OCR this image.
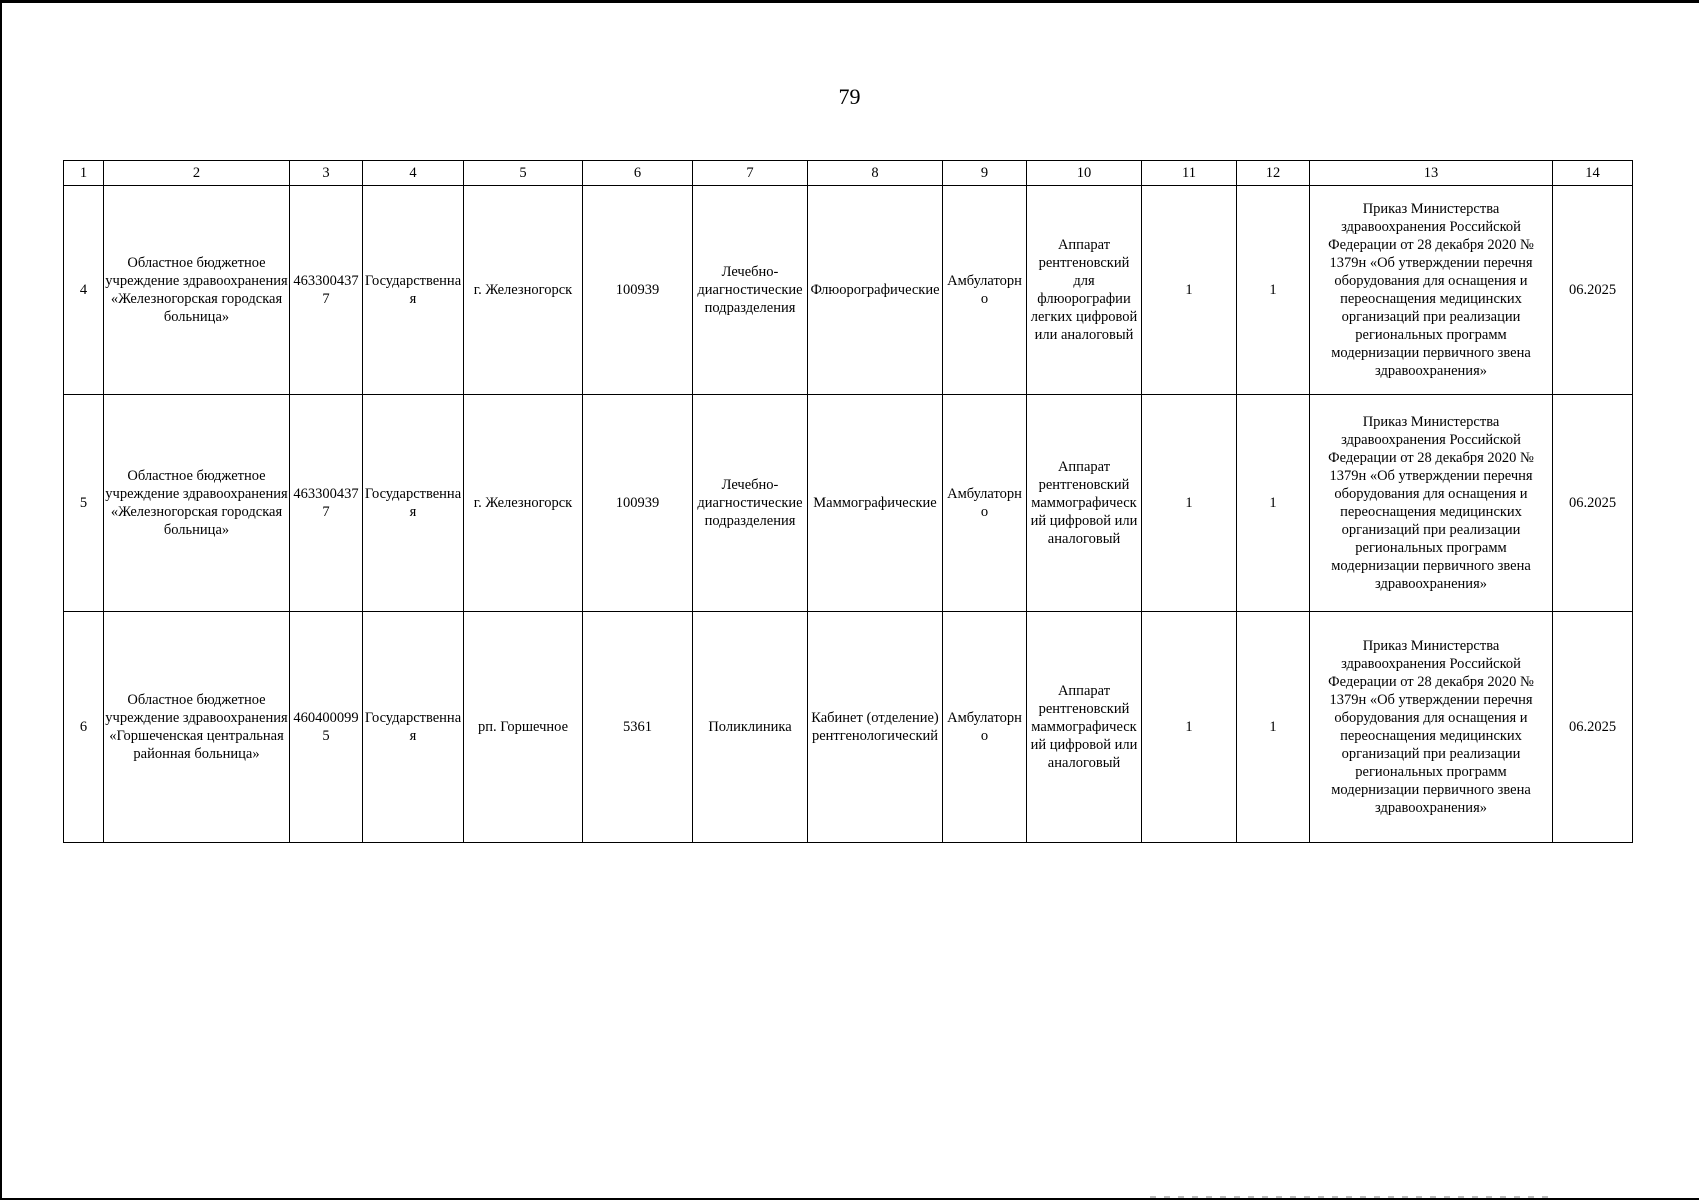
79
1	2	3	4	5	6	7	8	9	10	11	12	13	14
4	Областное бюджетное учреждение здравоохранения «Железногорская городская больница»	4633004377	Государственная	г. Железногорск	100939	Лечебно-диагностические подразделения	Флюорографические	Амбулаторно	Аппарат рентгеновский для флюорографии легких цифровой или аналоговый	1	1	Приказ Министерства здравоохранения Российской Федерации от 28 декабря 2020 № 1379н «Об утверждении перечня оборудования для оснащения и переоснащения медицинских организаций при реализации региональных программ модернизации первичного звена здравоохранения»	06.2025
5	Областное бюджетное учреждение здравоохранения «Железногорская городская больница»	4633004377	Государственная	г. Железногорск	100939	Лечебно-диагностические подразделения	Маммографические	Амбулаторно	Аппарат рентгеновский маммографический цифровой или аналоговый	1	1	Приказ Министерства здравоохранения Российской Федерации от 28 декабря 2020 № 1379н «Об утверждении перечня оборудования для оснащения и переоснащения медицинских организаций при реализации региональных программ модернизации первичного звена здравоохранения»	06.2025
6	Областное бюджетное учреждение здравоохранения «Горшеченская центральная районная больница»	4604000995	Государственная	рп. Горшечное	5361	Поликлиника	Кабинет (отделение) рентгенологический	Амбулаторно	Аппарат рентгеновский маммографический цифровой или аналоговый	1	1	Приказ Министерства здравоохранения Российской Федерации от 28 декабря 2020 № 1379н «Об утверждении перечня оборудования для оснащения и переоснащения медицинских организаций при реализации региональных программ модернизации первичного звена здравоохранения»	06.2025
